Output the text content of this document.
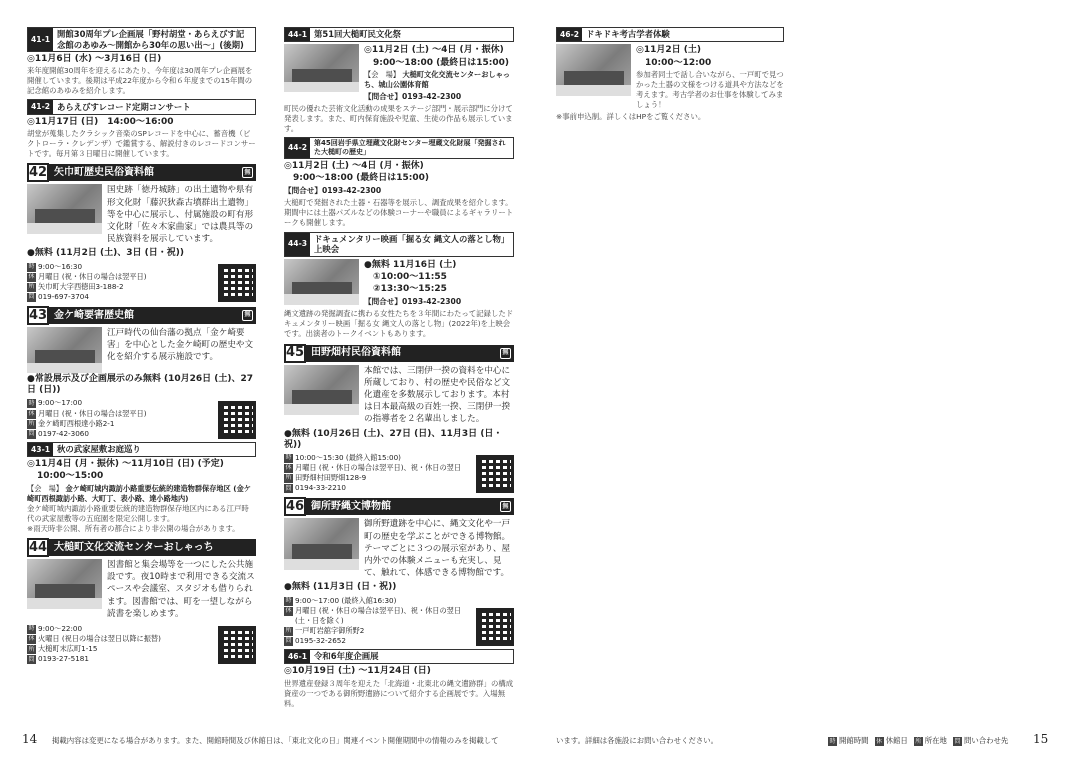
41-1
開館30周年プレ企画展「野村胡堂・あらえびす記念館のあゆみ～開館から30年の思い出～」(後期)
◎11月6日 (水) ～3月16日 (日)
来年度開館30周年を迎えるにあたり、今年度は30周年プレ企画展を開催しています。後期は平成22年度から令和６年度までの15年間の記念館のあゆみを紹介します。
41-2 あらえびすレコード定期コンサート
◎11月17日 (日)　14:00～16:00
胡堂が蒐集したクラシック音楽のSPレコードを中心に、蓄音機（ビクトローラ・クレデンザ）で鑑賞する、解説付きのレコードコンサートです。毎月第３日曜日に開催しています。
42 矢巾町歴史民俗資料館	無
国史跡「徳丹城跡」の出土遺物や県有形文化財「藤沢狄森古墳群出土遺物」等を中心に展示し、付属施設の町有形文化財「佐々木家曲家」では農具等の民族資料を展示しています。
●無料 (11月2日 (土)、3日 (日・祝))
時 9:00～16:30
休 月曜日 (祝・休日の場合は翌平日)
所 矢巾町大字西徳田3-188-2
問 019-697-3704
43 金ケ崎要害歴史館	無
江戸時代の仙台藩の拠点「金ケ崎要害」を中心とした金ケ崎町の歴史や文化を紹介する展示施設です。
●常設展示及び企画展示のみ無料 (10月26日 (土)、27日 (日))
時 9:00～17:00
休 月曜日 (祝・休日の場合は翌平日)
所 金ケ崎町西根達小路2-1
問 0197-42-3060
43-1 秋の武家屋敷お庭巡り
◎11月4日 (月・振休) ～11月10日 (日) (予定)
10:00～15:00
【会　場】 金ケ崎町城内諏訪小路重要伝統的建造物群保存地区 (金ケ崎町西根諏訪小路、大町丁、表小路、達小路地内)
金ケ崎町城内諏訪小路重要伝統的建造物群保存地区内にある江戸時代の武家屋敷等の五庭園を限定公開します。
※雨天時非公開、所有者の都合により非公開の場合があります。
44 大槌町文化交流センターおしゃっち
図書館と集会場等を一つにした公共施設です。夜10時まで利用できる交流スペースや会議室、スタジオも借りられます。図書館では、町を一望しながら読書を楽しめます。
時 9:00～22:00
休 火曜日 (祝日の場合は翌日以降に振替)
所 大槌町末広町1-15
問 0193-27-5181
44-1 第51回大槌町民文化祭
◎11月2日 (土) ～4日 (月・振休)
9:00～18:00 (最終日は15:00)
【会　場】 大槌町文化交流センターおしゃっち、城山公園体育館
【問合せ】0193-42-2300
町民の優れた芸術文化活動の成果をステージ部門・展示部門に分けて発表します。また、町内保育施設や児童、生徒の作品も展示しています。
44-2	第45回岩手県立埋蔵文化財センター埋蔵文化財展「発掘された大槌町の歴史」
◎11月2日 (土) ～4日 (月・振休)
9:00～18:00 (最終日は15:00)
【問合せ】0193-42-2300
大槌町で発掘された土器・石器等を展示し、調査成果を紹介します。期間中には土器パズルなどの体験コーナーや職員によるギャラリートークも開催します。
44-3
ドキュメンタリー映画「掘る女 縄文人の落とし物」上映会
●無料 11月16日 (土)
①10:00～11:55
②13:30～15:25
【問合せ】0193-42-2300
縄文遺跡の発掘調査に携わる女性たちを３年間にわたって記録したドキュメンタリー映画「掘る女 縄文人の落とし物」(2022年)を上映会です。出演者のトークイベントもあります。
45 田野畑村民俗資料館	無
本館では、三閉伊一揆の資料を中心に所蔵しており、村の歴史や民俗など文化遺産を多数展示しております。本村は日本最高級の百姓一揆、三閉伊一揆の指導者を２名輩出しました。
●無料 (10月26日 (土)、27日 (日)、11月3日 (日・祝))
時 10:00～15:30 (最終入館15:00)
休 月曜日 (祝・休日の場合は翌平日)、祝・休日の翌日
所 田野畑村田野畑128-9
問 0194-33-2210
46 御所野縄文博物館	無
御所野遺跡を中心に、縄文文化や一戸町の歴史を学ぶことができる博物館。テーマごとに３つの展示室があり、屋内外での体験メニューも充実し、見て、触れて、体感できる博物館です。
●無料 (11月3日 (日・祝))
時 9:00～17:00 (最終入館16:30)
休 月曜日 (祝・休日の場合は翌平日)、祝・休日の翌日 (土・日を除く)
所 一戸町岩舘字御所野2
問 0195-32-2652
46-1 令和6年度企画展
◎10月19日 (土) ～11月24日 (日)
世界遺産登録３周年を迎えた「北海道・北東北の縄文遺跡群」の構成資産の一つである御所野遺跡について紹介する企画展です。入場無料。
46-2 ドキドキ考古学者体験
◎11月2日 (土)
10:00～12:00
参加者同士で話し合いながら、一戸町で見つかった土器の文様をつける道具や方法などを考えます。考古学者のお仕事を体験してみましょう！
※事前申込制。詳しくはHPをご覧ください。
14 掲載内容は変更になる場合があります。また、開館時間及び休館日は、「東北文化の日」関連イベント開催期間中の情報のみを掲載して	います。詳細は各施設にお問い合わせください。	時 開館時間 休 休館日 所 所在地 問 問い合わせ先 15
